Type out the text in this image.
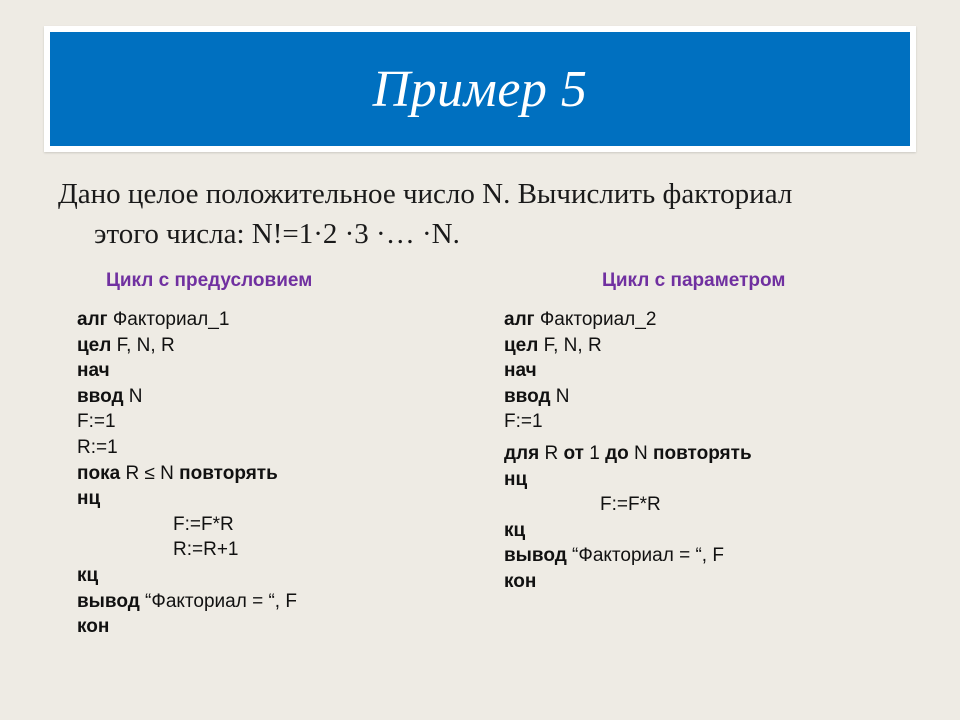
Пример 5
Дано целое положительное число N. Вычислить факториал
этого числа: N!=1·2 ·3 ·… ·N.
Цикл с предусловием	Цикл с параметром
алг Факториал_1
цел F, N, R
нач
ввод N
F:=1
R:=1
пока R ≤ N повторять
нц
F:=F*R
R:=R+1
кц
вывод “Факториал = “, F
кон
алг Факториал_2
цел F, N, R
нач
ввод N
F:=1
для R от 1 до N повторять
нц
F:=F*R
кц
вывод “Факториал = “, F
кон
